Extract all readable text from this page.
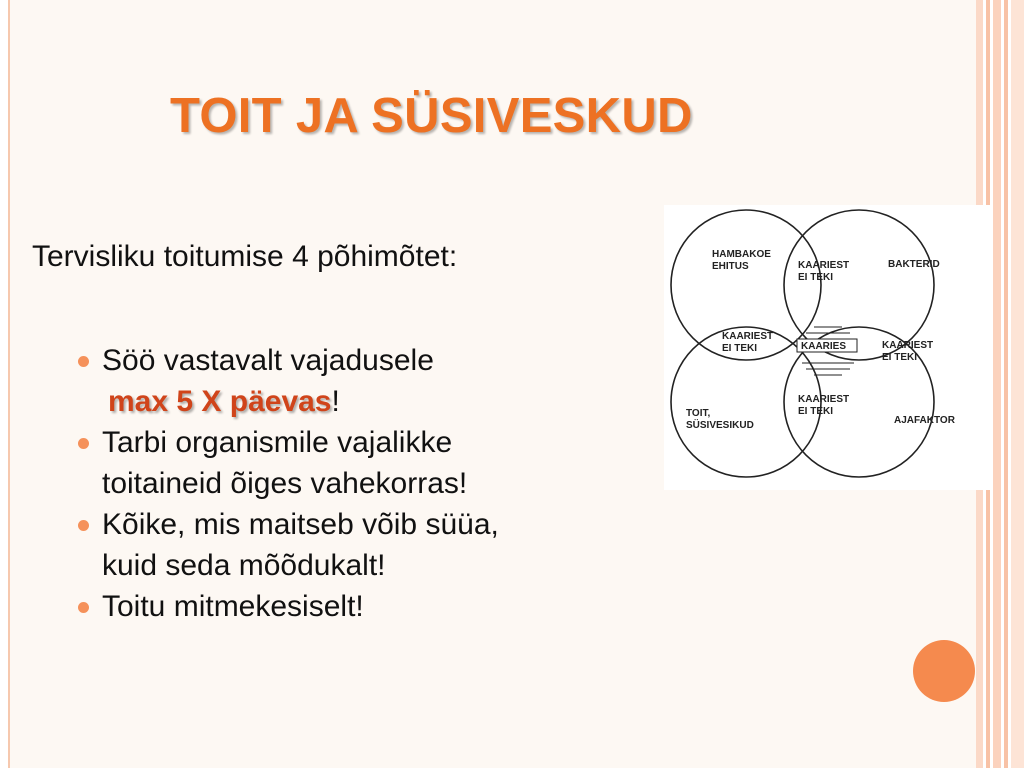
TOIT JA SÜSIVESKUD
Tervisliku toitumise 4 põhimõtet:
Söö vastavalt vajadusele
max 5 X päevas!
Tarbi organismile vajalikke
toitaineid õiges vahekorras!
Kõike, mis maitseb võib süüa,
kuid seda mõõdukalt!
Toitu mitmekesiselt!
HAMBAKOE EHITUS	BAKTERID
TOIT, SÜSIVESIKUD	AJAFAKTOR
KAARIEST EI TEKI
KAARIEST EI TEKI	KAARIEST EI TEKI
KAARIEST EI TEKI
KAARIES
